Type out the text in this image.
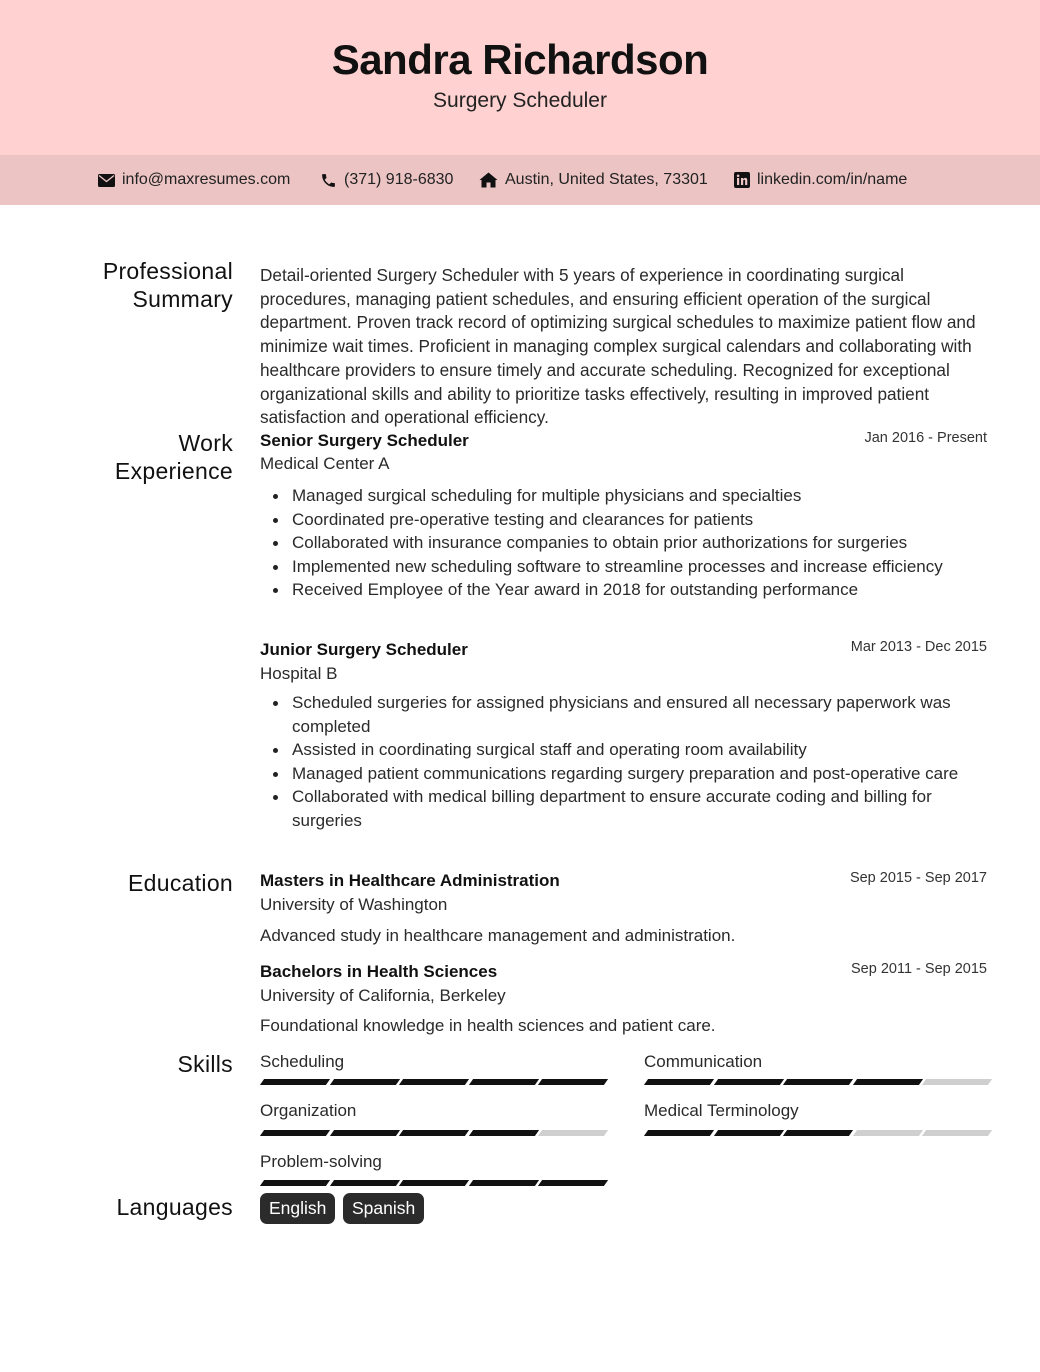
Sandra Richardson
Surgery Scheduler
info@maxresumes.com	(371) 918-6830	Austin, United States, 73301	linkedin.com/in/name
Professional
Summary
Detail-oriented Surgery Scheduler with 5 years of experience in coordinating surgical procedures, managing patient schedules, and ensuring efficient operation of the surgical department. Proven track record of optimizing surgical schedules to maximize patient flow and minimize wait times. Proficient in managing complex surgical calendars and collaborating with healthcare providers to ensure timely and accurate scheduling. Recognized for exceptional organizational skills and ability to prioritize tasks effectively, resulting in improved patient satisfaction and operational efficiency.
Work
Experience
Senior Surgery Scheduler	Jan 2016 - Present
Medical Center A
Managed surgical scheduling for multiple physicians and specialties
Coordinated pre-operative testing and clearances for patients
Collaborated with insurance companies to obtain prior authorizations for surgeries
Implemented new scheduling software to streamline processes and increase efficiency
Received Employee of the Year award in 2018 for outstanding performance
Junior Surgery Scheduler	Mar 2013 - Dec 2015
Hospital B
Scheduled surgeries for assigned physicians and ensured all necessary paperwork was completed
Assisted in coordinating surgical staff and operating room availability
Managed patient communications regarding surgery preparation and post-operative care
Collaborated with medical billing department to ensure accurate coding and billing for surgeries
Education Masters in Healthcare Administration	Sep 2015 - Sep 2017
University of Washington
Advanced study in healthcare management and administration.
Bachelors in Health Sciences	Sep 2011 - Sep 2015
University of California, Berkeley
Foundational knowledge in health sciences and patient care.
Skills Scheduling	Communication
Organization	Medical Terminology
Problem-solving
Languages	English	Spanish
